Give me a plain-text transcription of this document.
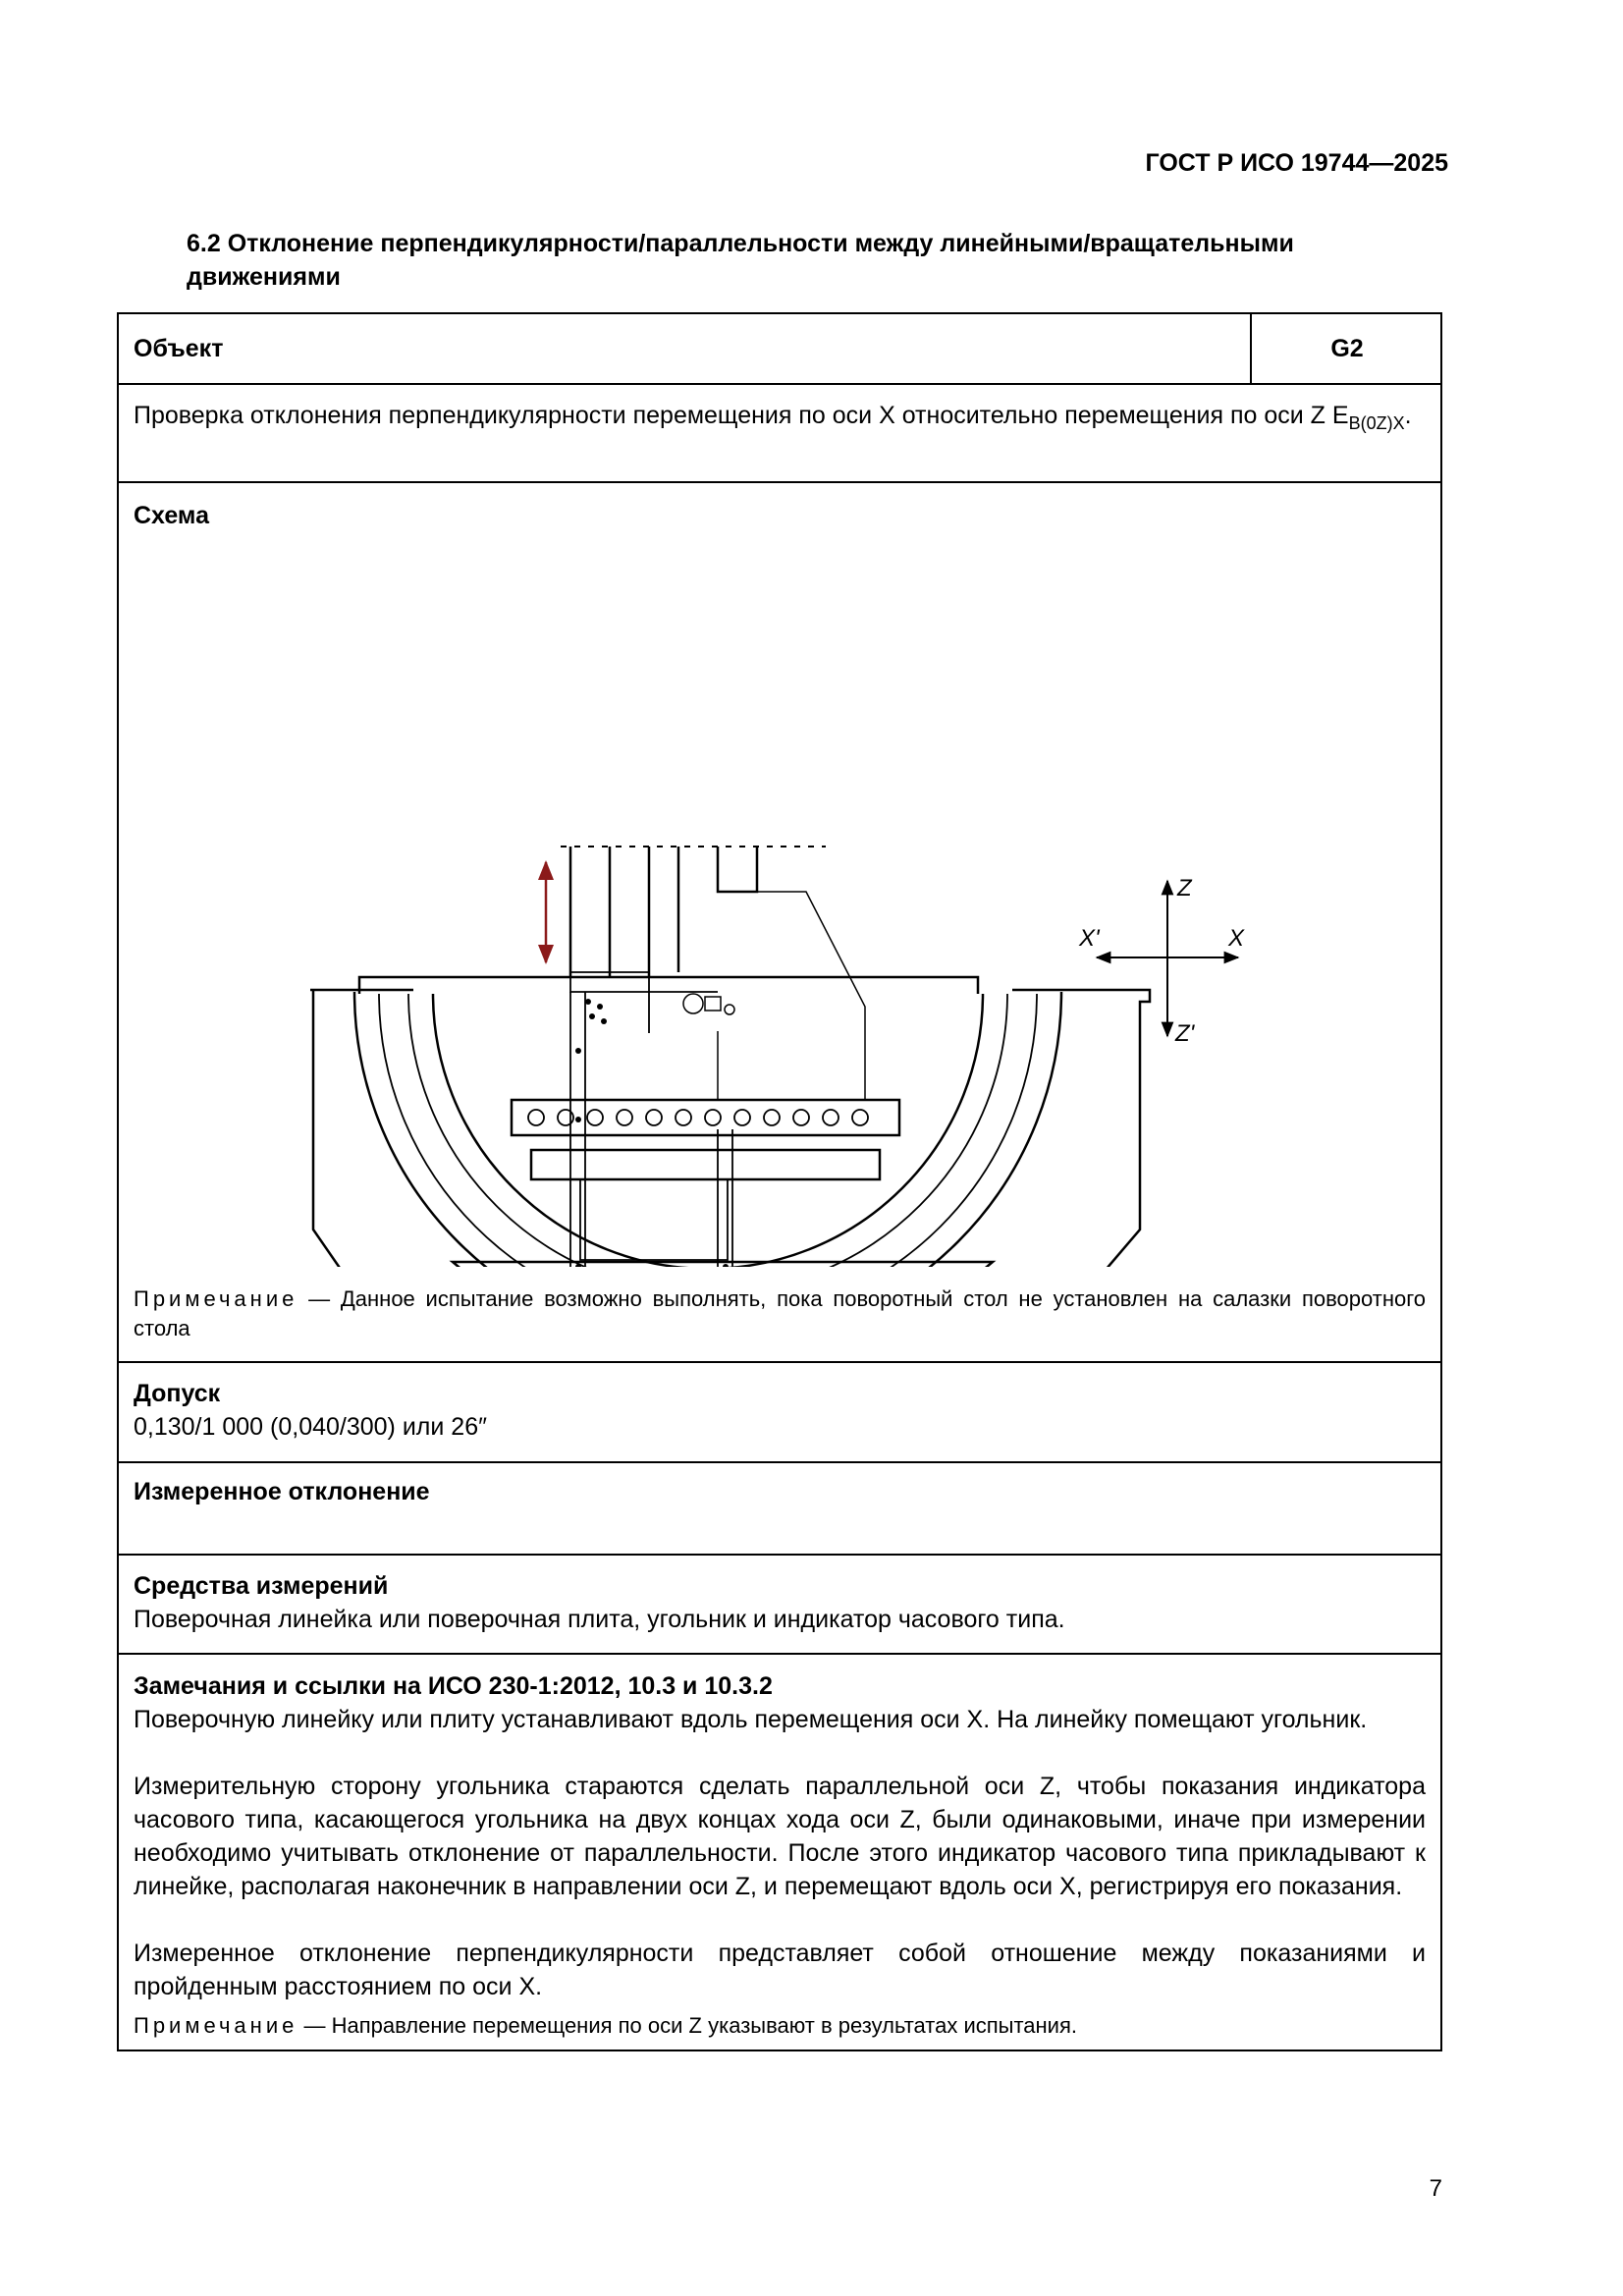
ГОСТ Р ИСО 19744—2025
6.2 Отклонение перпендикулярности/параллельности между линейными/вращательными движениями
Объект	G2
Проверка отклонения перпендикулярности перемещения по оси X относительно перемещения по оси Z $E_{B(0Z)X}$.
Схема
Z
Z'
X
X'
Примечание — Данное испытание возможно выполнять, пока поворотный стол не установлен на салазки поворотного стола
Допуск
0,130/1 000 (0,040/300) или 26″
Измеренное отклонение
Средства измерений
Поверочная линейка или поверочная плита, угольник и индикатор часового типа.
Замечания и ссылки на ИСО 230-1:2012, 10.3 и 10.3.2
Поверочную линейку или плиту устанавливают вдоль перемещения оси X. На линейку помещают угольник.
Измерительную сторону угольника стараются сделать параллельной оси Z, чтобы показания индикатора часового типа, касающегося угольника на двух концах хода оси Z, были одинаковыми, иначе при измерении необходимо учитывать отклонение от параллельности. После этого индикатор часового типа прикладывают к линейке, располагая наконечник в направлении оси Z, и перемещают вдоль оси X, регистрируя его показания.
Измеренное отклонение перпендикулярности представляет собой отношение между показаниями и пройденным расстоянием по оси X.
Примечание — Направление перемещения по оси Z указывают в результатах испытания.
7
